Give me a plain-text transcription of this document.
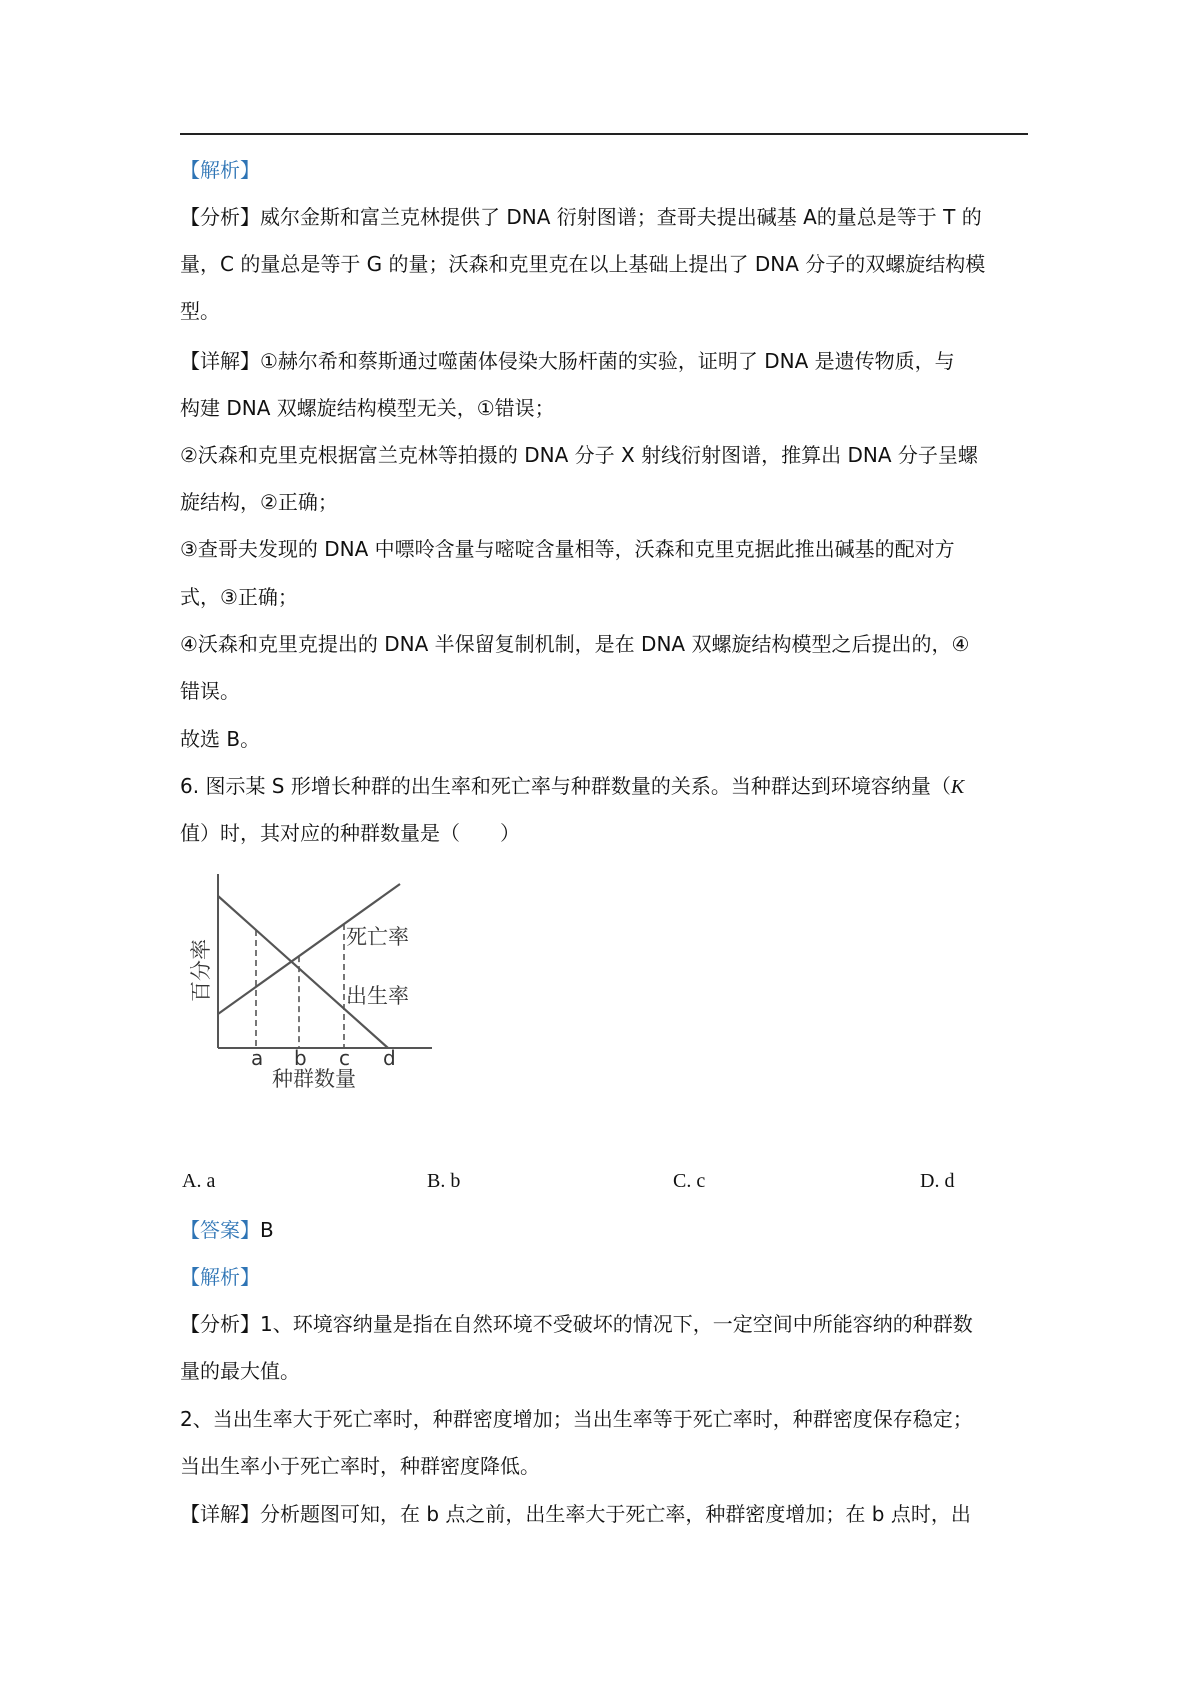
【解析】
【分析】威尔金斯和富兰克林提供了 DNA 衍射图谱；查哥夫提出碱基 A的量总是等于 T 的
量，C 的量总是等于 G 的量；沃森和克里克在以上基础上提出了 DNA 分子的双螺旋结构模
型。
【详解】①赫尔希和蔡斯通过噬菌体侵染大肠杆菌的实验，证明了 DNA 是遗传物质，与
构建 DNA 双螺旋结构模型无关，①错误；
②沃森和克里克根据富兰克林等拍摄的 DNA 分子 X 射线衍射图谱，推算出 DNA 分子呈螺
旋结构，②正确；
③查哥夫发现的 DNA 中嘌呤含量与嘧啶含量相等，沃森和克里克据此推出碱基的配对方
式，③正确；
④沃森和克里克提出的 DNA 半保留复制机制，是在 DNA 双螺旋结构模型之后提出的，④
错误。
故选 B。
6. 图示某 S 形增长种群的出生率和死亡率与种群数量的关系。当种群达到环境容纳量（K
值）时，其对应的种群数量是（　　）
a b c d
死亡率
出生率
种群数量
百分率
A. a	B. b	C. c	D. d
【答案】B
【解析】
【分析】1、环境容纳量是指在自然环境不受破坏的情况下，一定空间中所能容纳的种群数
量的最大值。
2、当出生率大于死亡率时，种群密度增加；当出生率等于死亡率时，种群密度保存稳定；
当出生率小于死亡率时，种群密度降低。
【详解】分析题图可知，在 b 点之前，出生率大于死亡率，种群密度增加；在 b 点时，出
